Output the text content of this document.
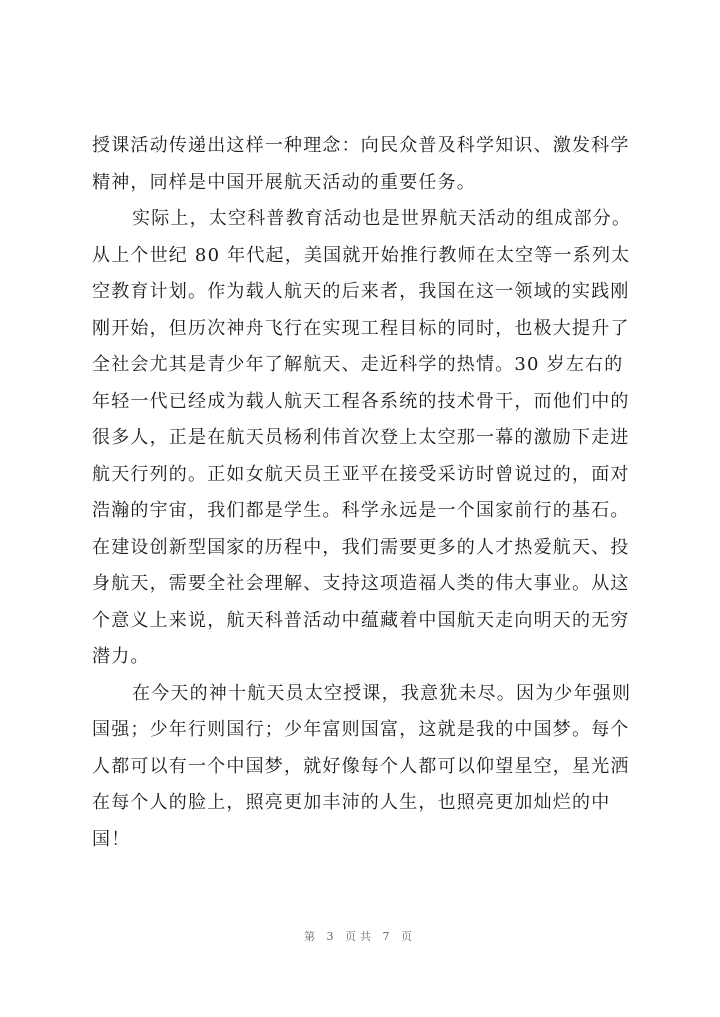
授课活动传递出这样一种理念：向民众普及科学知识、激发科学
精神，同样是中国开展航天活动的重要任务。
实际上，太空科普教育活动也是世界航天活动的组成部分。
从上个世纪 80 年代起，美国就开始推行教师在太空等一系列太
空教育计划。作为载人航天的后来者，我国在这一领域的实践刚
刚开始，但历次神舟飞行在实现工程目标的同时，也极大提升了
全社会尤其是青少年了解航天、走近科学的热情。30 岁左右的
年轻一代已经成为载人航天工程各系统的技术骨干，而他们中的
很多人，正是在航天员杨利伟首次登上太空那一幕的激励下走进
航天行列的。正如女航天员王亚平在接受采访时曾说过的，面对
浩瀚的宇宙，我们都是学生。科学永远是一个国家前行的基石。
在建设创新型国家的历程中，我们需要更多的人才热爱航天、投
身航天，需要全社会理解、支持这项造福人类的伟大事业。从这
个意义上来说，航天科普活动中蕴藏着中国航天走向明天的无穷
潜力。
在今天的神十航天员太空授课，我意犹未尽。因为少年强则
国强；少年行则国行；少年富则国富，这就是我的中国梦。每个
人都可以有一个中国梦，就好像每个人都可以仰望星空，星光洒
在每个人的脸上，照亮更加丰沛的人生，也照亮更加灿烂的中
国！
第 3 页共 7 页
